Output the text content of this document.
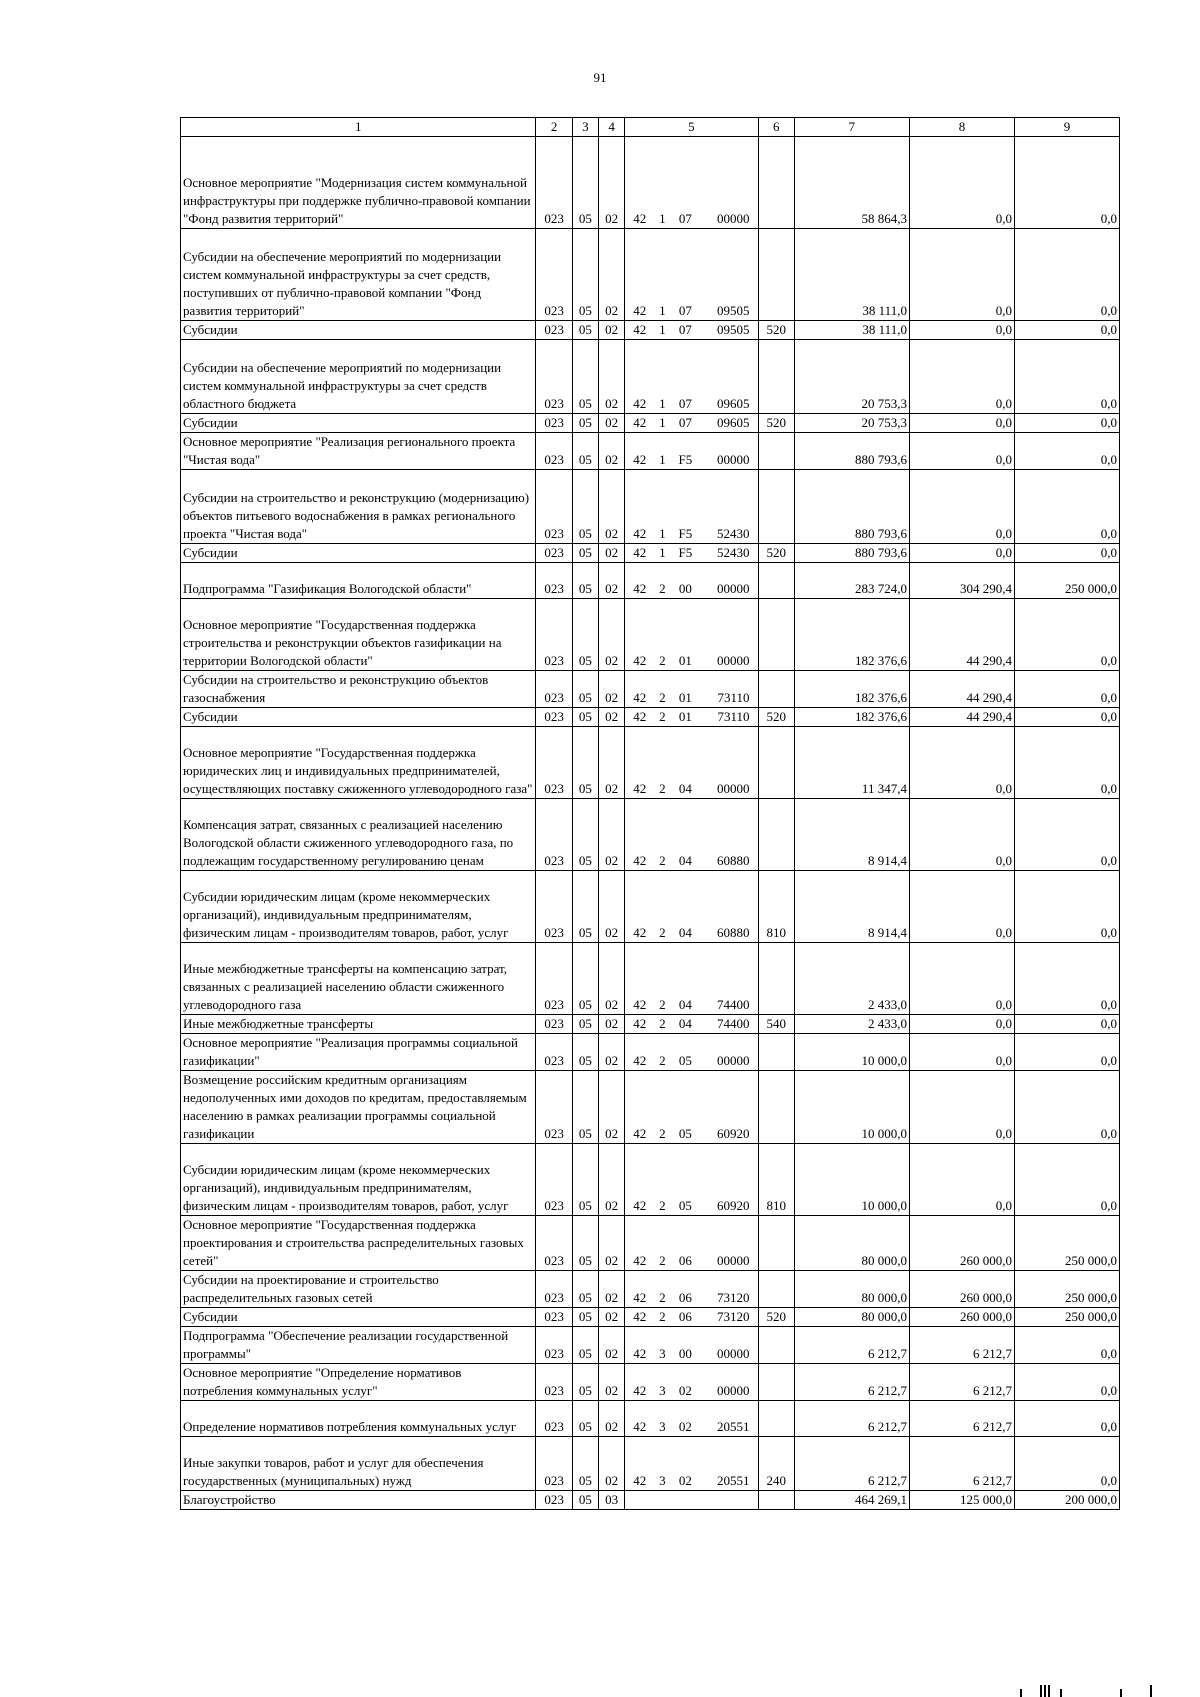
91
1	2	3	4	5	6	7	8	9
Основное мероприятие "Модернизация систем коммунальной инфраструктуры при поддержке публично-правовой компании "Фонд развития территорий"	023	05	02	42 1 07 00000		58 864,3	0,0	0,0
Субсидии на обеспечение мероприятий по модернизации систем коммунальной инфраструктуры за счет средств, поступивших от публично-правовой компании "Фонд развития территорий"	023	05	02	42 1 07 09505		38 111,0	0,0	0,0
Субсидии	023	05	02	42 1 07 09505	520	38 111,0	0,0	0,0
Субсидии на обеспечение мероприятий по модернизации систем коммунальной инфраструктуры за счет средств областного бюджета	023	05	02	42 1 07 09605		20 753,3	0,0	0,0
Субсидии	023	05	02	42 1 07 09605	520	20 753,3	0,0	0,0
Основное мероприятие "Реализация регионального проекта "Чистая вода"	023	05	02	42 1 F5 00000		880 793,6	0,0	0,0
Субсидии на строительство и реконструкцию (модернизацию) объектов питьевого водоснабжения в рамках регионального проекта "Чистая вода"	023	05	02	42 1 F5 52430		880 793,6	0,0	0,0
Субсидии	023	05	02	42 1 F5 52430	520	880 793,6	0,0	0,0
Подпрограмма "Газификация Вологодской области"	023	05	02	42 2 00 00000		283 724,0	304 290,4	250 000,0
Основное мероприятие "Государственная поддержка строительства и реконструкции объектов газификации на территории Вологодской области"	023	05	02	42 2 01 00000		182 376,6	44 290,4	0,0
Субсидии на строительство и реконструкцию объектов газоснабжения	023	05	02	42 2 01 73110		182 376,6	44 290,4	0,0
Субсидии	023	05	02	42 2 01 73110	520	182 376,6	44 290,4	0,0
Основное мероприятие "Государственная поддержка юридических лиц и индивидуальных предпринимателей, осуществляющих поставку сжиженного углеводородного газа"	023	05	02	42 2 04 00000		11 347,4	0,0	0,0
Компенсация затрат, связанных с реализацией населению Вологодской области сжиженного углеводородного газа, по подлежащим государственному регулированию ценам	023	05	02	42 2 04 60880		8 914,4	0,0	0,0
Субсидии юридическим лицам (кроме некоммерческих организаций), индивидуальным предпринимателям, физическим лицам - производителям товаров, работ, услуг	023	05	02	42 2 04 60880	810	8 914,4	0,0	0,0
Иные межбюджетные трансферты на компенсацию затрат, связанных с реализацией населению области сжиженного углеводородного газа	023	05	02	42 2 04 74400		2 433,0	0,0	0,0
Иные межбюджетные трансферты	023	05	02	42 2 04 74400	540	2 433,0	0,0	0,0
Основное мероприятие "Реализация программы социальной газификации"	023	05	02	42 2 05 00000		10 000,0	0,0	0,0
Возмещение российским кредитным организациям недополученных ими доходов по кредитам, предоставляемым населению в рамках реализации программы социальной газификации	023	05	02	42 2 05 60920		10 000,0	0,0	0,0
Субсидии юридическим лицам (кроме некоммерческих организаций), индивидуальным предпринимателям, физическим лицам - производителям товаров, работ, услуг	023	05	02	42 2 05 60920	810	10 000,0	0,0	0,0
Основное мероприятие "Государственная поддержка проектирования и строительства распределительных газовых сетей"	023	05	02	42 2 06 00000		80 000,0	260 000,0	250 000,0
Субсидии на проектирование и строительство распределительных газовых сетей	023	05	02	42 2 06 73120		80 000,0	260 000,0	250 000,0
Субсидии	023	05	02	42 2 06 73120	520	80 000,0	260 000,0	250 000,0
Подпрограмма "Обеспечение реализации государственной программы"	023	05	02	42 3 00 00000		6 212,7	6 212,7	0,0
Основное мероприятие "Определение нормативов потребления коммунальных услуг"	023	05	02	42 3 02 00000		6 212,7	6 212,7	0,0
Определение нормативов потребления коммунальных услуг	023	05	02	42 3 02 20551		6 212,7	6 212,7	0,0
Иные закупки товаров, работ и услуг для обеспечения государственных (муниципальных) нужд	023	05	02	42 3 02 20551	240	6 212,7	6 212,7	0,0
Благоустройство	023	05	03			464 269,1	125 000,0	200 000,0
